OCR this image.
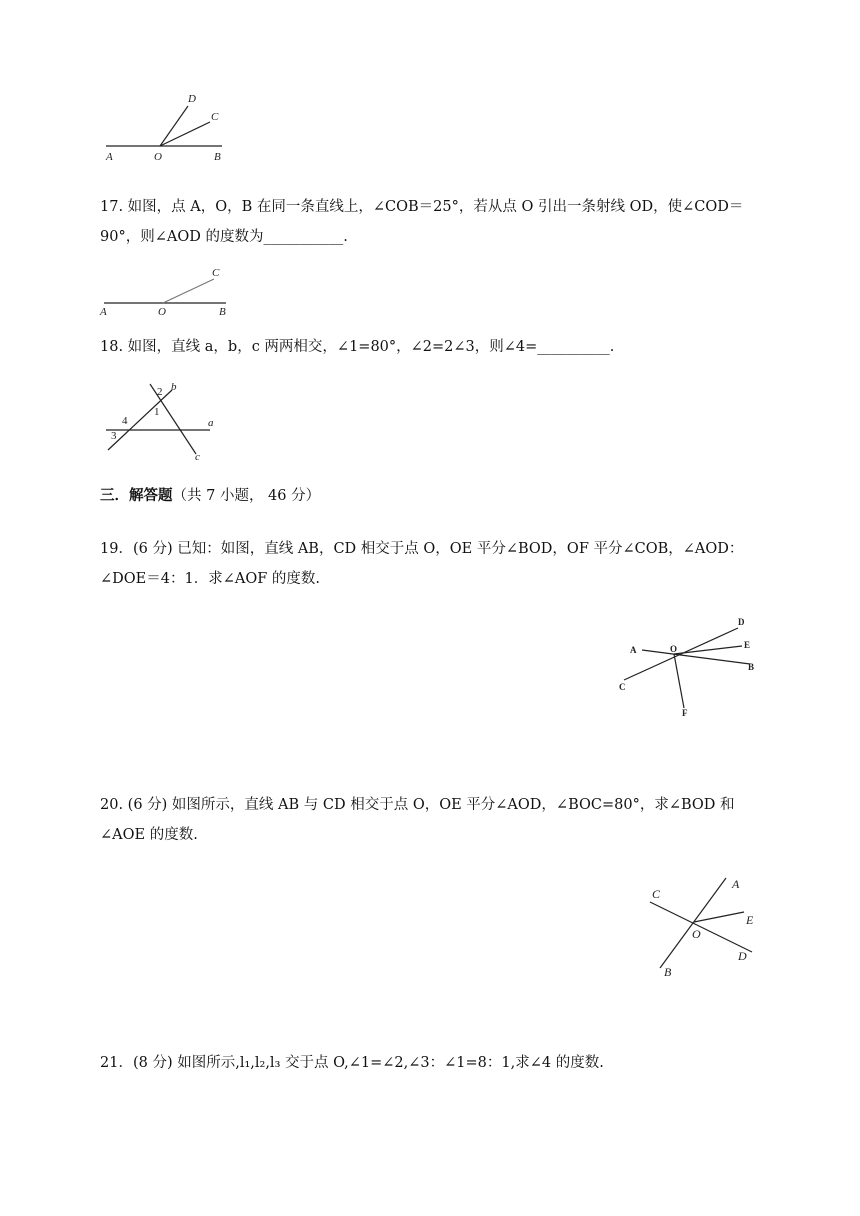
D
C
A	O	B

17. 如图，点 A，O，B 在同一条直线上，∠COB＝25°，若从点 O 引出一条射线 OD，使∠COD＝90°，则∠AOD 的度数为___________.

C
A	O	B

18. 如图，直线 a，b，c 两两相交，∠1=80°，∠2=2∠3，则∠4=__________.

2 b
1
4	a
3
c

三．解答题（共 7 小题， 46 分）

19．(6 分) 已知：如图，直线 AB，CD 相交于点 O，OE 平分∠BOD，OF 平分∠COB，∠AOD：∠DOE＝4：1．求∠AOF 的度数.

D
E
A	O
B
C
F

20. (6 分) 如图所示，直线 AB 与 CD 相交于点 O，OE 平分∠AOD，∠BOC=80°，求∠BOD 和∠AOE 的度数.

C
A
E
O
D
B

21．(8 分) 如图所示,l₁,l₂,l₃ 交于点 O,∠1=∠2,∠3：∠1=8：1,求∠4 的度数.
